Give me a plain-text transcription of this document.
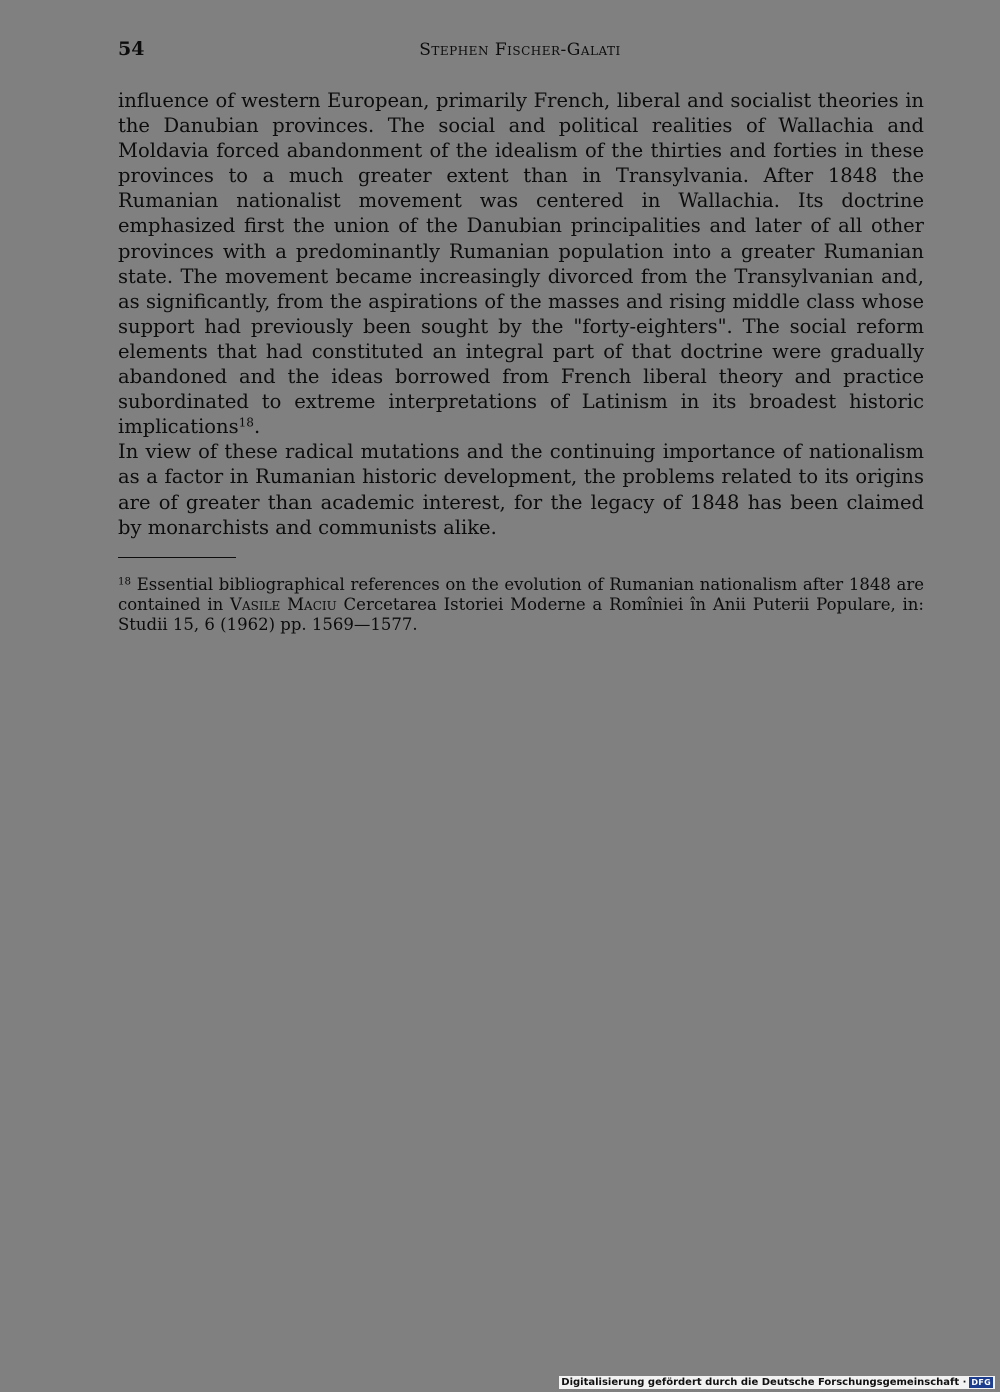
54	Stephen Fischer-Galati

influence of western European, primarily French, liberal and socialist theories in the Danubian provinces. The social and political realities of Wallachia and Moldavia forced abandonment of the idealism of the thirties and forties in these provinces to a much greater extent than in Transylvania. After 1848 the Rumanian nationalist movement was centered in Wallachia. Its doctrine emphasized first the union of the Danubian principalities and later of all other provinces with a predominantly Rumanian population into a greater Rumanian state. The movement became increasingly divorced from the Transylvanian and, as significantly, from the aspirations of the masses and rising middle class whose support had previously been sought by the "forty-eighters". The social reform elements that had constituted an integral part of that doctrine were gradually abandoned and the ideas borrowed from French liberal theory and practice subordinated to extreme interpretations of Latinism in its broadest historic implications$^{18}$.

In view of these radical mutations and the continuing importance of nationalism as a factor in Rumanian historic development, the problems related to its origins are of greater than academic interest, for the legacy of 1848 has been claimed by monarchists and communists alike.

$^{18}$ Essential bibliographical references on the evolution of Rumanian nationalism after 1848 are contained in Vasile Maciu Cercetarea Istoriei Moderne a Romîniei în Anii Puterii Populare, in: Studii 15, 6 (1962) pp. 1569—1577.

Digitalisierung gefördert durch die Deutsche Forschungsgemeinschaft · DFG
